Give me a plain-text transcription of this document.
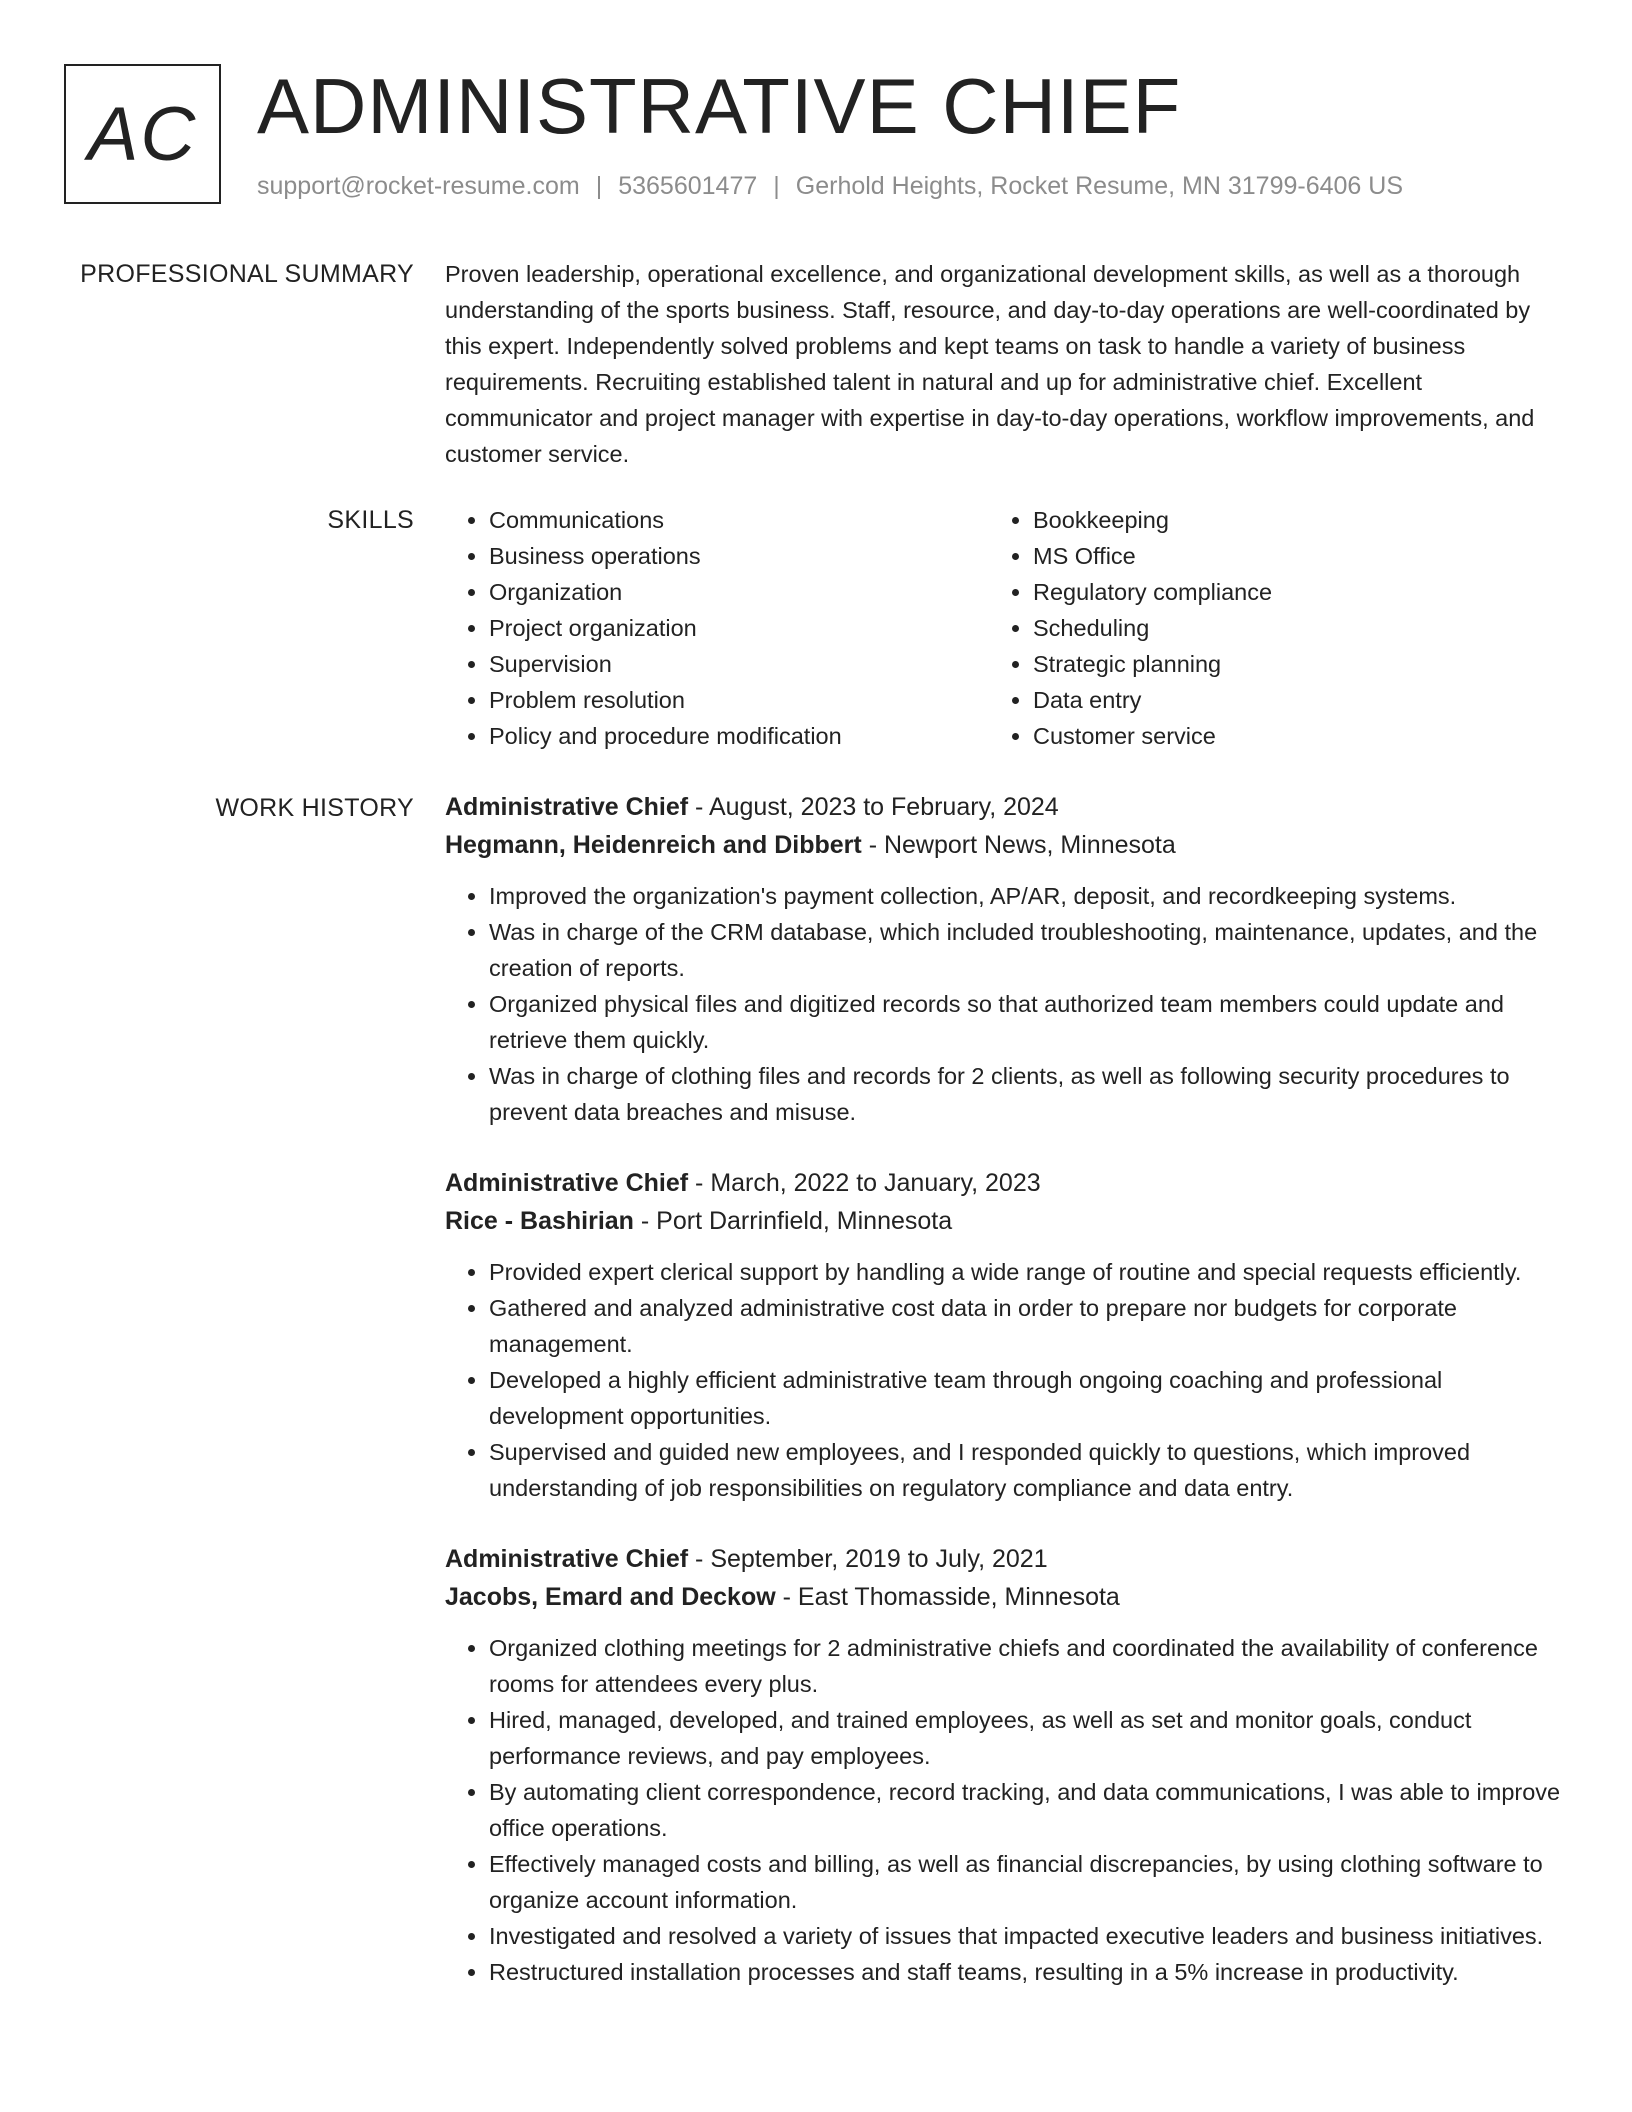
AC ADMINISTRATIVE CHIEF
support@rocket-resume.com | 5365601477 | Gerhold Heights, Rocket Resume, MN 31799-6406 US
PROFESSIONAL SUMMARY Proven leadership, operational excellence, and organizational development skills, as well as a thorough understanding of the sports business. Staff, resource, and day-to-day operations are well-coordinated by this expert. Independently solved problems and kept teams on task to handle a variety of business requirements. Recruiting established talent in natural and up for administrative chief. Excellent communicator and project manager with expertise in day-to-day operations, workflow improvements, and customer service.

SKILLS
•	Communications
• Business operations
• Organization
• Project organization
• Supervision
• Problem resolution
• Policy and procedure modification
• Bookkeeping
• MS Office
• Regulatory compliance
• Scheduling
• Strategic planning
• Data entry
• Customer service
WORK HISTORY Administrative Chief - August, 2023 to February, 2024
Hegmann, Heidenreich and Dibbert - Newport News, Minnesota
• Improved the organization's payment collection, AP/AR, deposit, and recordkeeping systems.
• Was in charge of the CRM database, which included troubleshooting, maintenance, updates, and the creation of reports.
• Organized physical files and digitized records so that authorized team members could update and retrieve them quickly.
• Was in charge of clothing files and records for 2 clients, as well as following security procedures to prevent data breaches and misuse.
Administrative Chief - March, 2022 to January, 2023
Rice - Bashirian - Port Darrinfield, Minnesota
• Provided expert clerical support by handling a wide range of routine and special requests efficiently.
• Gathered and analyzed administrative cost data in order to prepare nor budgets for corporate management.
• Developed a highly efficient administrative team through ongoing coaching and professional development opportunities.
• Supervised and guided new employees, and I responded quickly to questions, which improved understanding of job responsibilities on regulatory compliance and data entry.
Administrative Chief - September, 2019 to July, 2021
Jacobs, Emard and Deckow - East Thomasside, Minnesota
• Organized clothing meetings for 2 administrative chiefs and coordinated the availability of conference rooms for attendees every plus.
• Hired, managed, developed, and trained employees, as well as set and monitor goals, conduct performance reviews, and pay employees.
• By automating client correspondence, record tracking, and data communications, I was able to improve office operations.
• Effectively managed costs and billing, as well as financial discrepancies, by using clothing software to organize account information.
• Investigated and resolved a variety of issues that impacted executive leaders and business initiatives.
• Restructured installation processes and staff teams, resulting in a 5% increase in productivity.
